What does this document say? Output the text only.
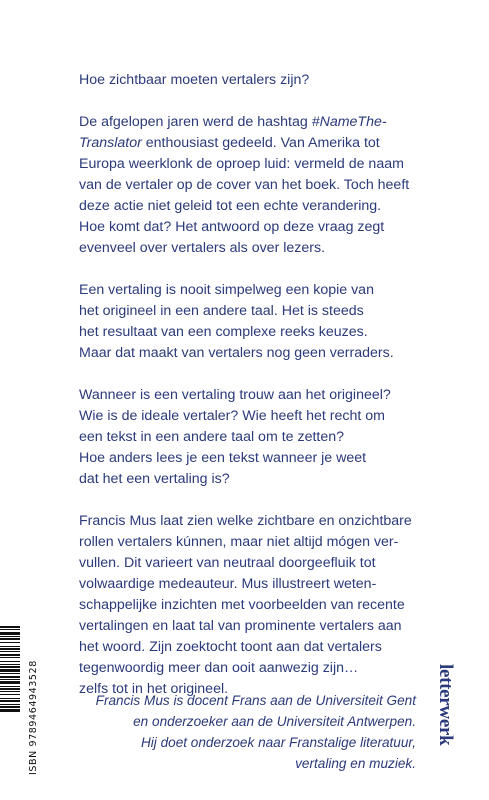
Hoe zichtbaar moeten vertalers zijn?

De afgelopen jaren werd de hashtag #NameThe-
Translator enthousiast gedeeld. Van Amerika tot
Europa weerklonk de oproep luid: vermeld de naam
van de vertaler op de cover van het boek. Toch heeft
deze actie niet geleid tot een echte verandering.
Hoe komt dat? Het antwoord op deze vraag zegt
evenveel over vertalers als over lezers.

Een vertaling is nooit simpelweg een kopie van
het origineel in een andere taal. Het is steeds
het resultaat van een complexe reeks keuzes.
Maar dat maakt van vertalers nog geen verraders.

Wanneer is een vertaling trouw aan het origineel?
Wie is de ideale vertaler? Wie heeft het recht om
een tekst in een andere taal om te zetten?
Hoe anders lees je een tekst wanneer je weet
dat het een vertaling is?

Francis Mus laat zien welke zichtbare en onzichtbare
rollen vertalers kúnnen, maar niet altijd mógen ver-
vullen. Dit varieert van neutraal doorgeefluik tot
volwaardige medeauteur. Mus illustreert weten-
schappelijke inzichten met voorbeelden van recente
vertalingen en laat tal van prominente vertalers aan
het woord. Zijn zoektocht toont aan dat vertalers
tegenwoordig meer dan ooit aanwezig zijn…
zelfs tot in het origineel.

Francis Mus is docent Frans aan de Universiteit Gent
en onderzoeker aan de Universiteit Antwerpen.
Hij doet onderzoek naar Franstalige literatuur,
vertaling en muziek.
ISBN 9789464943528	letterwerk
